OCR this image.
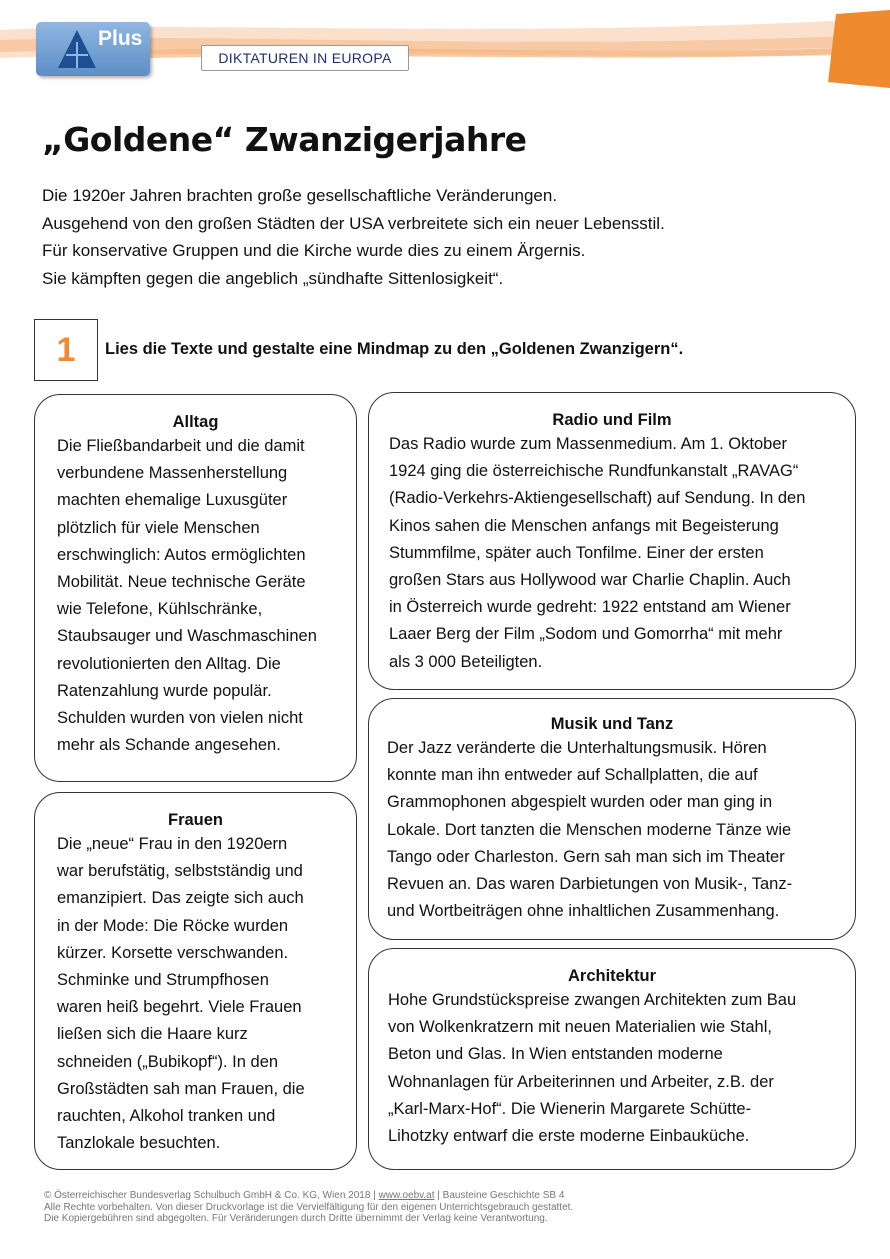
Plus
DIKTATUREN IN EUROPA
„Goldene“ Zwanzigerjahre
Die 1920er Jahren brachten große gesellschaftliche Veränderungen.
Ausgehend von den großen Städten der USA verbreitete sich ein neuer Lebensstil.
Für konservative Gruppen und die Kirche wurde dies zu einem Ärgernis.
Sie kämpften gegen die angeblich „sündhafte Sittenlosigkeit“.
1	Lies die Texte und gestalte eine Mindmap zu den „Goldenen Zwanzigern“.
Alltag

Die Fließbandarbeit und die damit
verbundene Massenherstellung
machten ehemalige Luxusgüter
plötzlich für viele Menschen
erschwinglich: Autos ermöglichten
Mobilität. Neue technische Geräte
wie Telefone, Kühlschränke,
Staubsauger und Waschmaschinen
revolutionierten den Alltag. Die
Ratenzahlung wurde populär.
Schulden wurden von vielen nicht
mehr als Schande angesehen.

Frauen

Die „neue“ Frau in den 1920ern
war berufstätig, selbstständig und
emanzipiert. Das zeigte sich auch
in der Mode: Die Röcke wurden
kürzer. Korsette verschwanden.
Schminke und Strumpfhosen
waren heiß begehrt. Viele Frauen
ließen sich die Haare kurz
schneiden („Bubikopf“). In den
Großstädten sah man Frauen, die
rauchten, Alkohol tranken und
Tanzlokale besuchten.

Radio und Film

Das Radio wurde zum Massenmedium. Am 1. Oktober
1924 ging die österreichische Rundfunkanstalt „RAVAG“
(Radio-Verkehrs-Aktiengesellschaft) auf Sendung. In den
Kinos sahen die Menschen anfangs mit Begeisterung
Stummfilme, später auch Tonfilme. Einer der ersten
großen Stars aus Hollywood war Charlie Chaplin. Auch
in Österreich wurde gedreht: 1922 entstand am Wiener
Laaer Berg der Film „Sodom und Gomorrha“ mit mehr
als 3 000 Beteiligten.

Musik und Tanz

Der Jazz veränderte die Unterhaltungsmusik. Hören
konnte man ihn entweder auf Schallplatten, die auf
Grammophonen abgespielt wurden oder man ging in
Lokale. Dort tanzten die Menschen moderne Tänze wie
Tango oder Charleston. Gern sah man sich im Theater
Revuen an. Das waren Darbietungen von Musik-, Tanz-
und Wortbeiträgen ohne inhaltlichen Zusammenhang.

Architektur

Hohe Grundstückspreise zwangen Architekten zum Bau
von Wolkenkratzern mit neuen Materialien wie Stahl,
Beton und Glas. In Wien entstanden moderne
Wohnanlagen für Arbeiterinnen und Arbeiter, z.B. der
„Karl-Marx-Hof“. Die Wienerin Margarete Schütte-
Lihotzky entwarf die erste moderne Einbauküche.

© Österreichischer Bundesverlag Schulbuch GmbH & Co. KG, Wien 2018 | www.oebv.at | Bausteine Geschichte SB 4
Alle Rechte vorbehalten. Von dieser Druckvorlage ist die Vervielfältigung für den eigenen Unterrichtsgebrauch gestattet.
Die Kopiergebühren sind abgegolten. Für Veränderungen durch Dritte übernimmt der Verlag keine Verantwortung.
